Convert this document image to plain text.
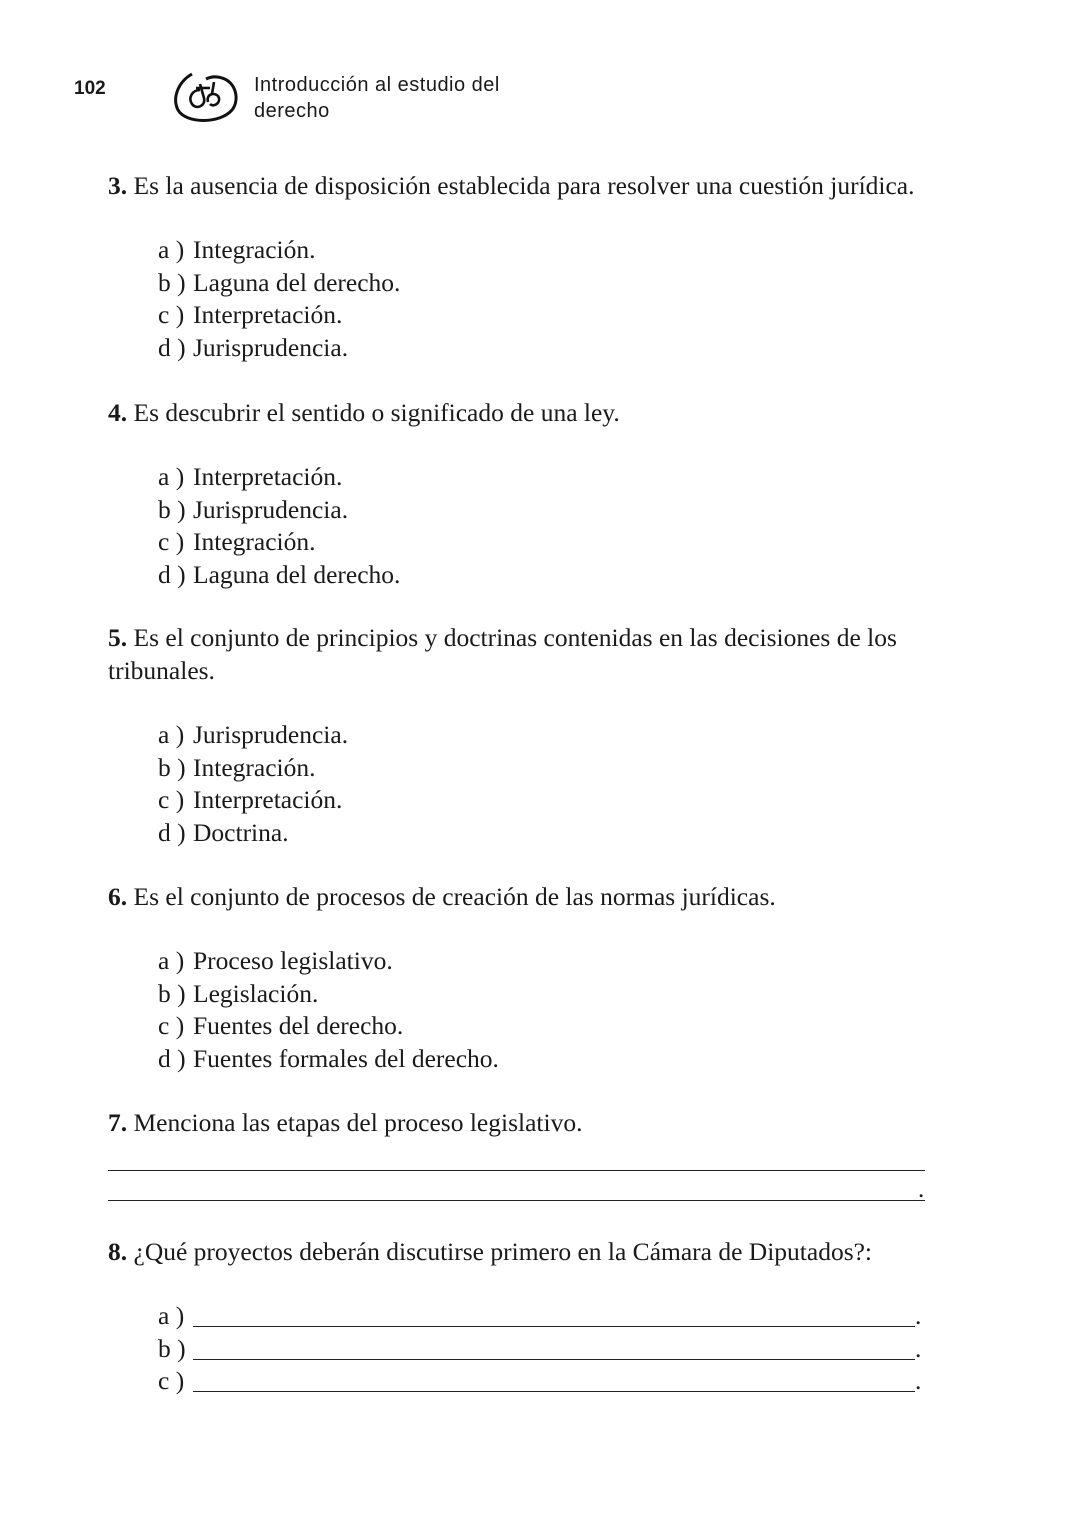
102	Introducción al estudio del derecho
3. Es la ausencia de disposición establecida para resolver una cuestión jurídica.
a ) Integración.
b ) Laguna del derecho.
c ) Interpretación.
d ) Jurisprudencia.
4. Es descubrir el sentido o significado de una ley.
a ) Interpretación.
b ) Jurisprudencia.
c ) Integración.
d ) Laguna del derecho.
5. Es el conjunto de principios y doctrinas contenidas en las decisiones de los tribunales.
a ) Jurisprudencia.
b ) Integración.
c ) Interpretación.
d ) Doctrina.
6. Es el conjunto de procesos de creación de las normas jurídicas.
a ) Proceso legislativo.
b ) Legislación.
c ) Fuentes del derecho.
d ) Fuentes formales del derecho.
7. Menciona las etapas del proceso legislativo.
.
8. ¿Qué proyectos deberán discutirse primero en la Cámara de Diputados?:
a )	.
b )	.
c )	.
